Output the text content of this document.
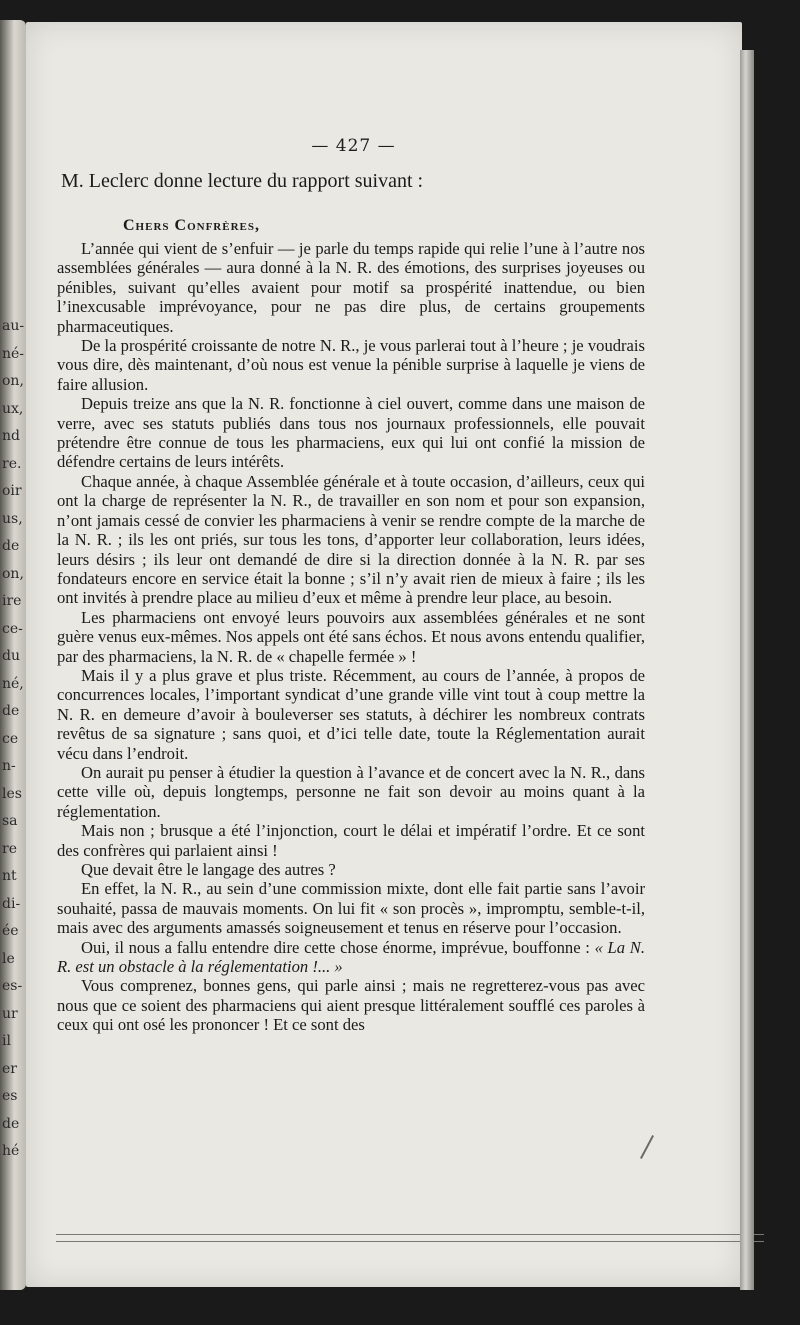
au-
né-
on,
ux,
nd
re.
oir
us,
de
on,
ire
ce-
du
né,
de
ce
n-
les
sa
re
nt
di-
ée
le
es-
ur
il
er
es
de
hé
— 427 —
M. Leclerc donne lecture du rapport suivant :
Chers Confrères,

L’année qui vient de s’enfuir — je parle du temps rapide qui relie l’une à l’autre nos assemblées générales — aura donné à la N. R. des émotions, des surprises joyeuses ou pénibles, suivant qu’elles avaient pour motif sa prospérité inattendue, ou bien l’inexcusable imprévoyance, pour ne pas dire plus, de certains groupements pharmaceutiques.

De la prospérité croissante de notre N. R., je vous parlerai tout à l’heure ; je voudrais vous dire, dès maintenant, d’où nous est venue la pénible surprise à laquelle je viens de faire allusion.

Depuis treize ans que la N. R. fonctionne à ciel ouvert, comme dans une maison de verre, avec ses statuts publiés dans tous nos journaux professionnels, elle pouvait prétendre être connue de tous les pharmaciens, eux qui lui ont confié la mission de défendre certains de leurs intérêts.

Chaque année, à chaque Assemblée générale et à toute occasion, d’ailleurs, ceux qui ont la charge de représenter la N. R., de travailler en son nom et pour son expansion, n’ont jamais cessé de convier les pharmaciens à venir se rendre compte de la marche de la N. R. ; ils les ont priés, sur tous les tons, d’apporter leur collaboration, leurs idées, leurs désirs ; ils leur ont demandé de dire si la direction donnée à la N. R. par ses fondateurs encore en service était la bonne ; s’il n’y avait rien de mieux à faire ; ils les ont invités à prendre place au milieu d’eux et même à prendre leur place, au besoin.

Les pharmaciens ont envoyé leurs pouvoirs aux assemblées générales et ne sont guère venus eux-mêmes. Nos appels ont été sans échos. Et nous avons entendu qualifier, par des pharmaciens, la N. R. de « chapelle fermée » !

Mais il y a plus grave et plus triste. Récemment, au cours de l’année, à propos de concurrences locales, l’important syndicat d’une grande ville vint tout à coup mettre la N. R. en demeure d’avoir à bouleverser ses statuts, à déchirer les nombreux contrats revêtus de sa signature ; sans quoi, et d’ici telle date, toute la Réglementation aurait vécu dans l’endroit.

On aurait pu penser à étudier la question à l’avance et de concert avec la N. R., dans cette ville où, depuis longtemps, personne ne fait son devoir au moins quant à la réglementation.

Mais non ; brusque a été l’injonction, court le délai et impératif l’ordre. Et ce sont des confrères qui parlaient ainsi !

Que devait être le langage des autres ?

En effet, la N. R., au sein d’une commission mixte, dont elle fait partie sans l’avoir souhaité, passa de mauvais moments. On lui fit « son procès », impromptu, semble-t-il, mais avec des arguments amassés soigneusement et tenus en réserve pour l’occasion.

Oui, il nous a fallu entendre dire cette chose énorme, imprévue, bouffonne : « La N. R. est un obstacle à la réglementation !... »

Vous comprenez, bonnes gens, qui parle ainsi ; mais ne regretterez-vous pas avec nous que ce soient des pharmaciens qui aient presque littéralement soufflé ces paroles à ceux qui ont osé les prononcer ! Et ce sont des
